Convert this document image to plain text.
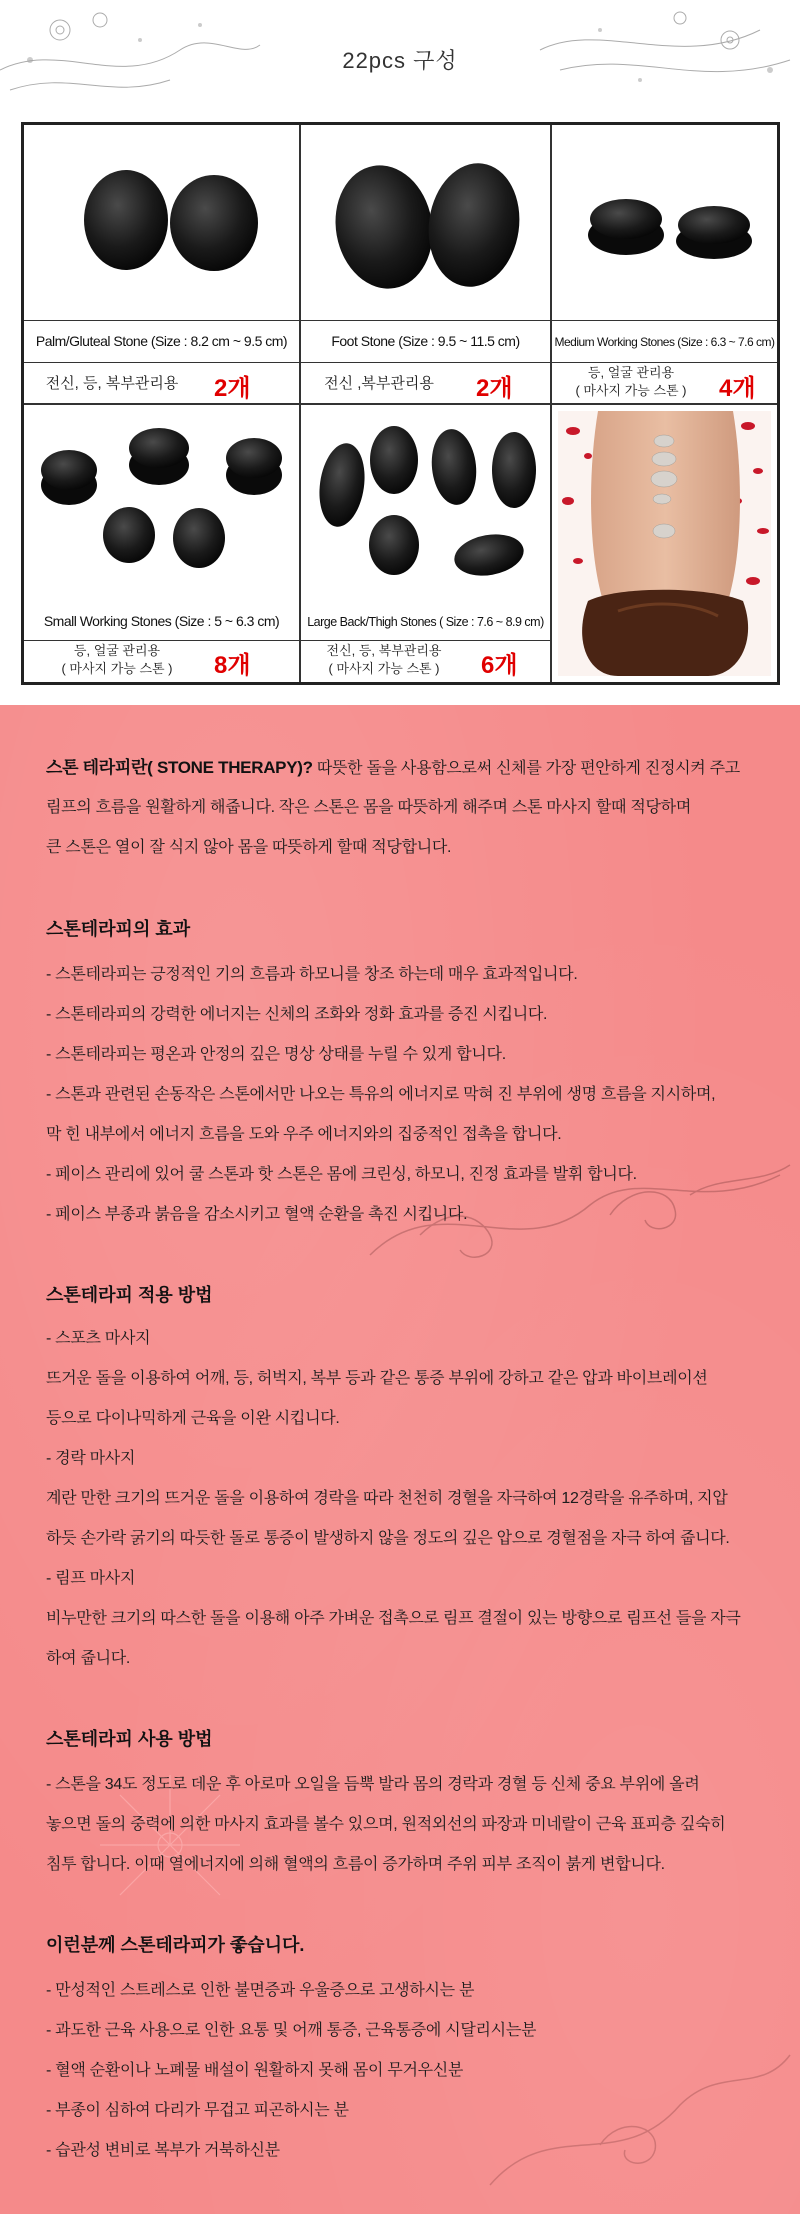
22pcs 구성
Palm/Gluteal Stone (Size : 8.2 cm ~ 9.5 cm)
전신, 등, 복부관리용	2개
Foot Stone (Size : 9.5 ~ 11.5 cm)
전신 ,복부관리용	2개
Medium Working Stones (Size : 6.3 ~ 7.6 cm)
등, 얼굴 관리용
( 마사지 가능 스톤 )	4개
Small Working Stones (Size : 5 ~ 6.3 cm)
등, 얼굴 관리용
( 마사지 가능 스톤 )	8개
Large Back/Thigh Stones ( Size : 7.6 ~ 8.9 cm)
전신, 등, 복부관리용
( 마사지 가능 스톤 )	6개
스톤 테라피란( STONE THERAPY)? 따뜻한 돌을 사용함으로써 신체를 가장 편안하게 진정시켜 주고
림프의 흐름을 원활하게 해줍니다. 작은 스톤은 몸을 따뜻하게 해주며 스톤 마사지 할때 적당하며
큰 스톤은 열이 잘 식지 않아 몸을 따뜻하게 할때 적당합니다.
스톤테라피의 효과
- 스톤테라피는 긍정적인 기의 흐름과 하모니를 창조 하는데 매우 효과적입니다.
- 스톤테라피의 강력한 에너지는 신체의 조화와 정화 효과를 증진 시킵니다.
- 스톤테라피는 평온과 안정의 깊은 명상 상태를 누릴 수 있게 합니다.
- 스톤과 관련된 손동작은 스톤에서만 나오는 특유의 에너지로 막혀 진 부위에 생명 흐름을 지시하며,
막 힌 내부에서 에너지 흐름을 도와 우주 에너지와의 집중적인 접촉을 합니다.
- 페이스 관리에 있어 쿨 스톤과 핫 스톤은 몸에 크린싱, 하모니, 진정 효과를 발휘 합니다.
- 페이스 부종과 붉음을 감소시키고 혈액 순환을 촉진 시킵니다.
스톤테라피 적용 방법
- 스포츠 마사지
뜨거운 돌을 이용하여 어깨, 등, 허벅지, 복부 등과 같은 통증 부위에 강하고 같은 압과 바이브레이션
등으로 다이나믹하게 근육을 이완 시킵니다.
- 경락 마사지
계란 만한 크기의 뜨거운 돌을 이용하여 경락을 따라 천천히 경혈을 자극하여 12경락을 유주하며, 지압
하듯 손가락 굵기의 따듯한 돌로 통증이 발생하지 않을 정도의 깊은 압으로 경혈점을 자극 하여 줍니다.
- 림프 마사지
비누만한 크기의 따스한 돌을 이용해 아주 가벼운 접촉으로 림프 결절이 있는 방향으로 림프선 들을 자극
하여 줍니다.
스톤테라피 사용 방법
- 스톤을 34도 정도로 데운 후 아로마 오일을 듬뿍 발라 몸의 경락과 경혈 등 신체 중요 부위에 올려
놓으면 돌의 중력에 의한 마사지 효과를 볼수 있으며, 원적외선의 파장과 미네랄이 근육 표피층 깊숙히
침투 합니다. 이때 열에너지에 의해 혈액의 흐름이 증가하며 주위 피부 조직이 붉게 변합니다.
이런분께 스톤테라피가 좋습니다.
- 만성적인 스트레스로 인한 불면증과 우울증으로 고생하시는 분
- 과도한 근육 사용으로 인한 요통 및 어깨 통증, 근육통증에 시달리시는분
- 혈액 순환이나 노폐물 배설이 원활하지 못해 몸이 무거우신분
- 부종이 심하여 다리가 무겁고 피곤하시는 분
- 습관성 변비로 복부가 거북하신분
